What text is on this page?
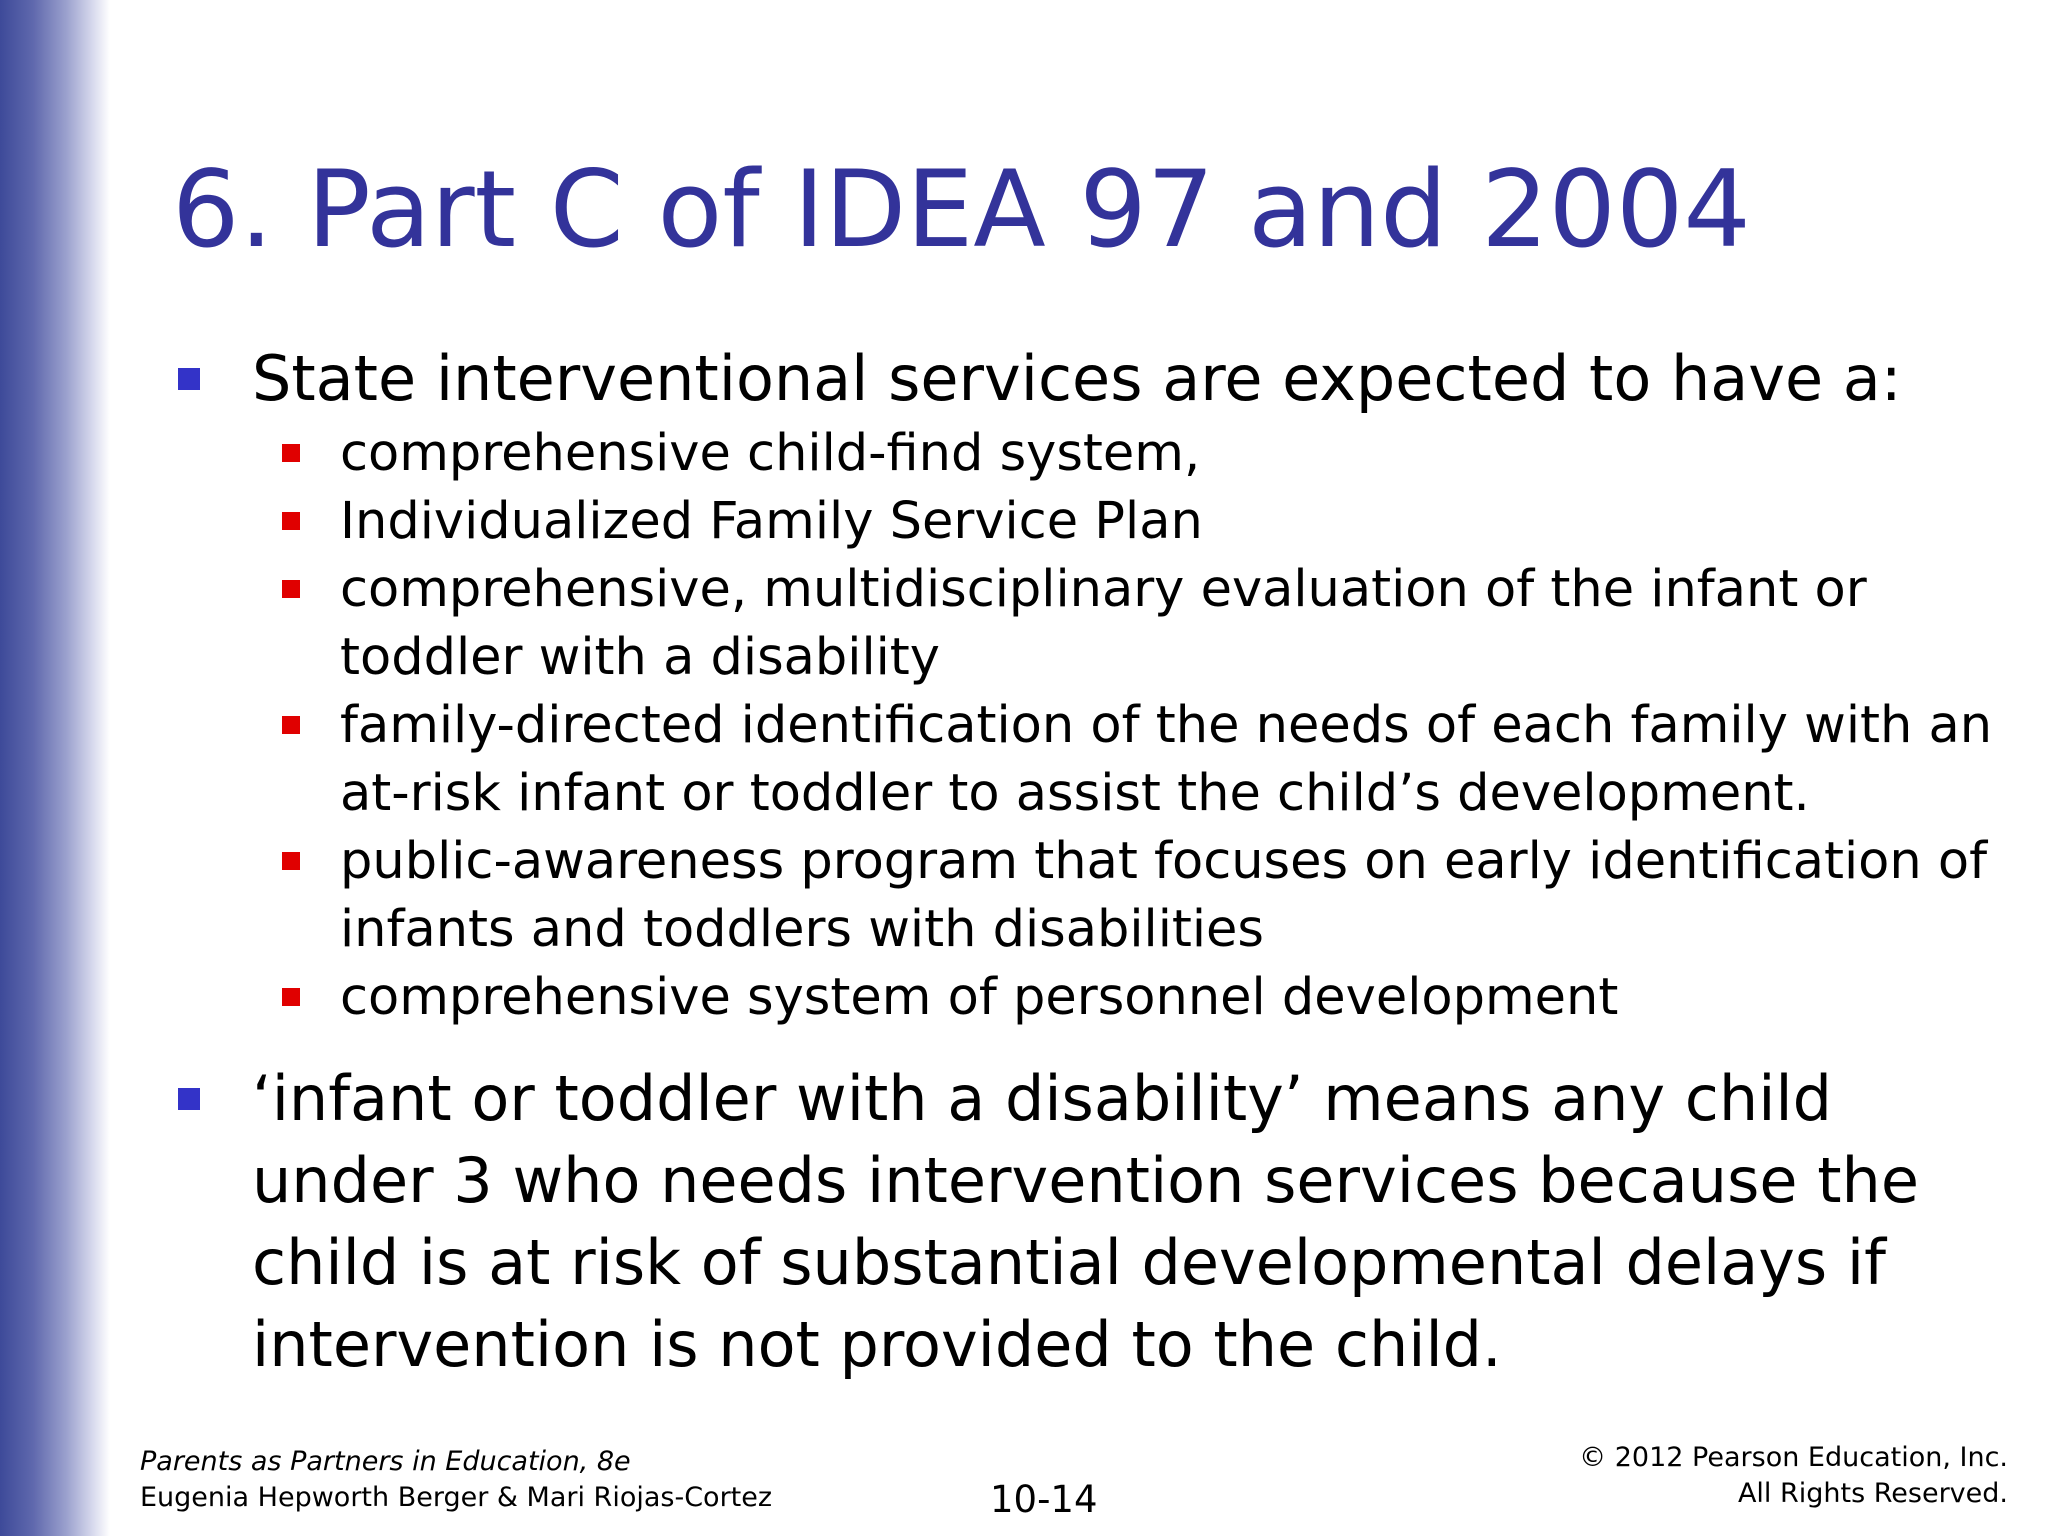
6. Part C of IDEA 97 and 2004
State interventional services are expected to have a:
comprehensive child-find system,
Individualized Family Service Plan
comprehensive, multidisciplinary evaluation of the infant or toddler with a disability
family-directed identification of the needs of each family with an at-risk infant or toddler to assist the child’s development.
public-awareness program that focuses on early identification of infants and toddlers with disabilities
comprehensive system of personnel development
‘infant or toddler with a disability’ means any child under 3 who needs intervention services because the child is at risk of substantial developmental delays if intervention is not provided to the child.
Parents as Partners in Education, 8e
Eugenia Hepworth Berger & Mari Riojas-Cortez	10-14
© 2012 Pearson Education, Inc.
All Rights Reserved.
